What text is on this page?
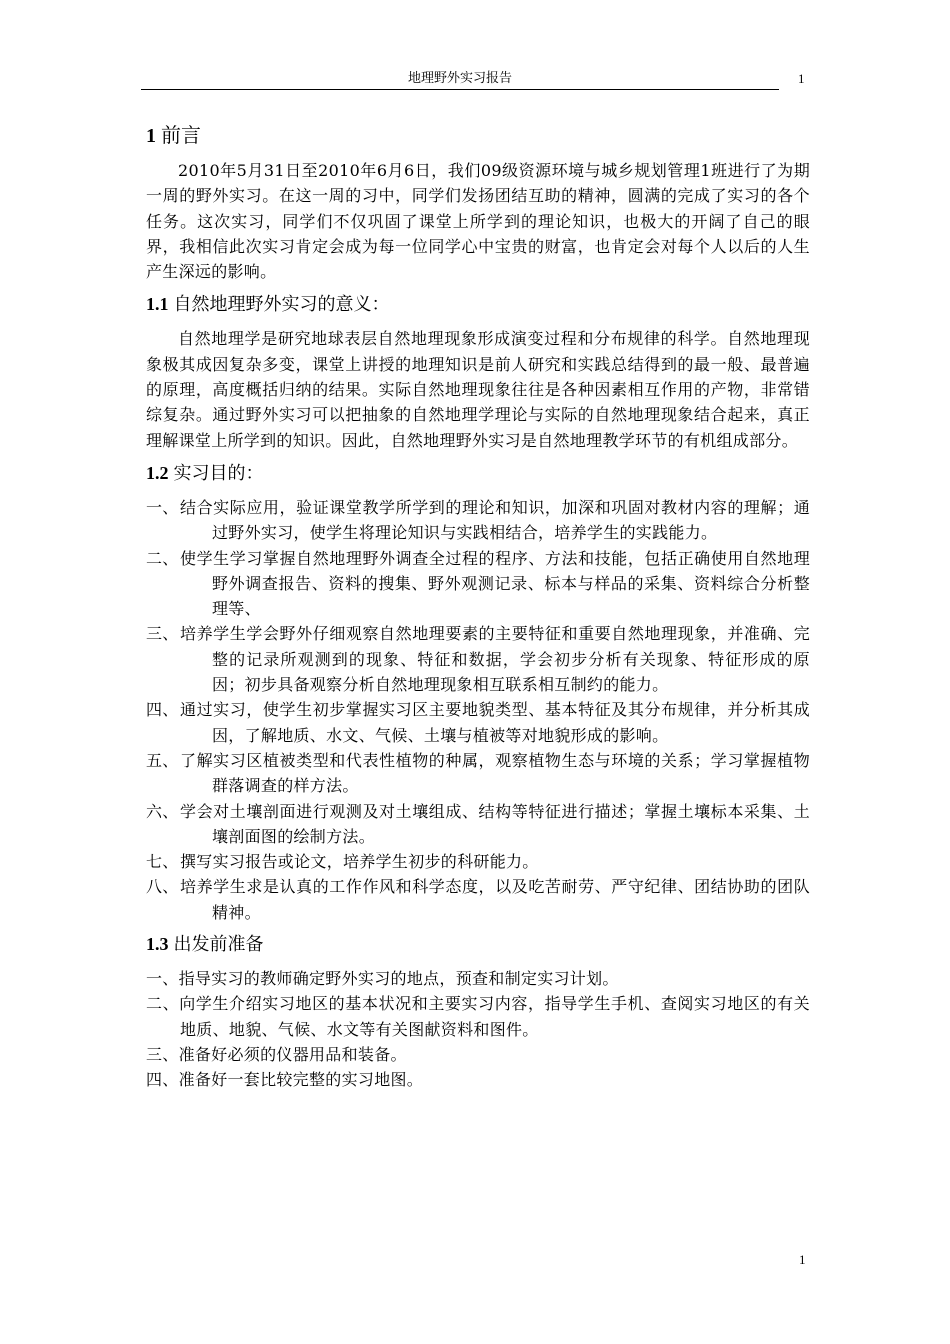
地理野外实习报告	1
1 前言

2010年5月31日至2010年6月6日，我们09级资源环境与城乡规划管理1班进行了为期一周的野外实习。在这一周的习中，同学们发扬团结互助的精神，圆满的完成了实习的各个任务。这次实习，同学们不仅巩固了课堂上所学到的理论知识，也极大的开阔了自己的眼界，我相信此次实习肯定会成为每一位同学心中宝贵的财富，也肯定会对每个人以后的人生产生深远的影响。

1.1 自然地理野外实习的意义：

自然地理学是研究地球表层自然地理现象形成演变过程和分布规律的科学。自然地理现象极其成因复杂多变，课堂上讲授的地理知识是前人研究和实践总结得到的最一般、最普遍的原理，高度概括归纳的结果。实际自然地理现象往往是各种因素相互作用的产物，非常错综复杂。通过野外实习可以把抽象的自然地理学理论与实际的自然地理现象结合起来，真正理解课堂上所学到的知识。因此，自然地理野外实习是自然地理教学环节的有机组成部分。

1.2 实习目的：
一、 结合实际应用，验证课堂教学所学到的理论和知识，加深和巩固对教材内容的理解；通过野外实习，使学生将理论知识与实践相结合，培养学生的实践能力。
二、 使学生学习掌握自然地理野外调查全过程的程序、方法和技能，包括正确使用自然地理野外调查报告、资料的搜集、野外观测记录、标本与样品的采集、资料综合分析整理等、
三、 培养学生学会野外仔细观察自然地理要素的主要特征和重要自然地理现象，并准确、完整的记录所观测到的现象、特征和数据，学会初步分析有关现象、特征形成的原因；初步具备观察分析自然地理现象相互联系相互制约的能力。
四、 通过实习，使学生初步掌握实习区主要地貌类型、基本特征及其分布规律，并分析其成因，了解地质、水文、气候、土壤与植被等对地貌形成的影响。
五、 了解实习区植被类型和代表性植物的种属，观察植物生态与环境的关系；学习掌握植物群落调查的样方法。
六、 学会对土壤剖面进行观测及对土壤组成、结构等特征进行描述；掌握土壤标本采集、土壤剖面图的绘制方法。
七、 撰写实习报告或论文，培养学生初步的科研能力。
八、 培养学生求是认真的工作作风和科学态度，以及吃苦耐劳、严守纪律、团结协助的团队精神。
1.3 出发前准备
一、指导实习的教师确定野外实习的地点，预查和制定实习计划。
二、向学生介绍实习地区的基本状况和主要实习内容，指导学生手机、查阅实习地区的有关地质、地貌、气候、水文等有关图献资料和图件。
三、准备好必须的仪器用品和装备。
四、准备好一套比较完整的实习地图。
1
